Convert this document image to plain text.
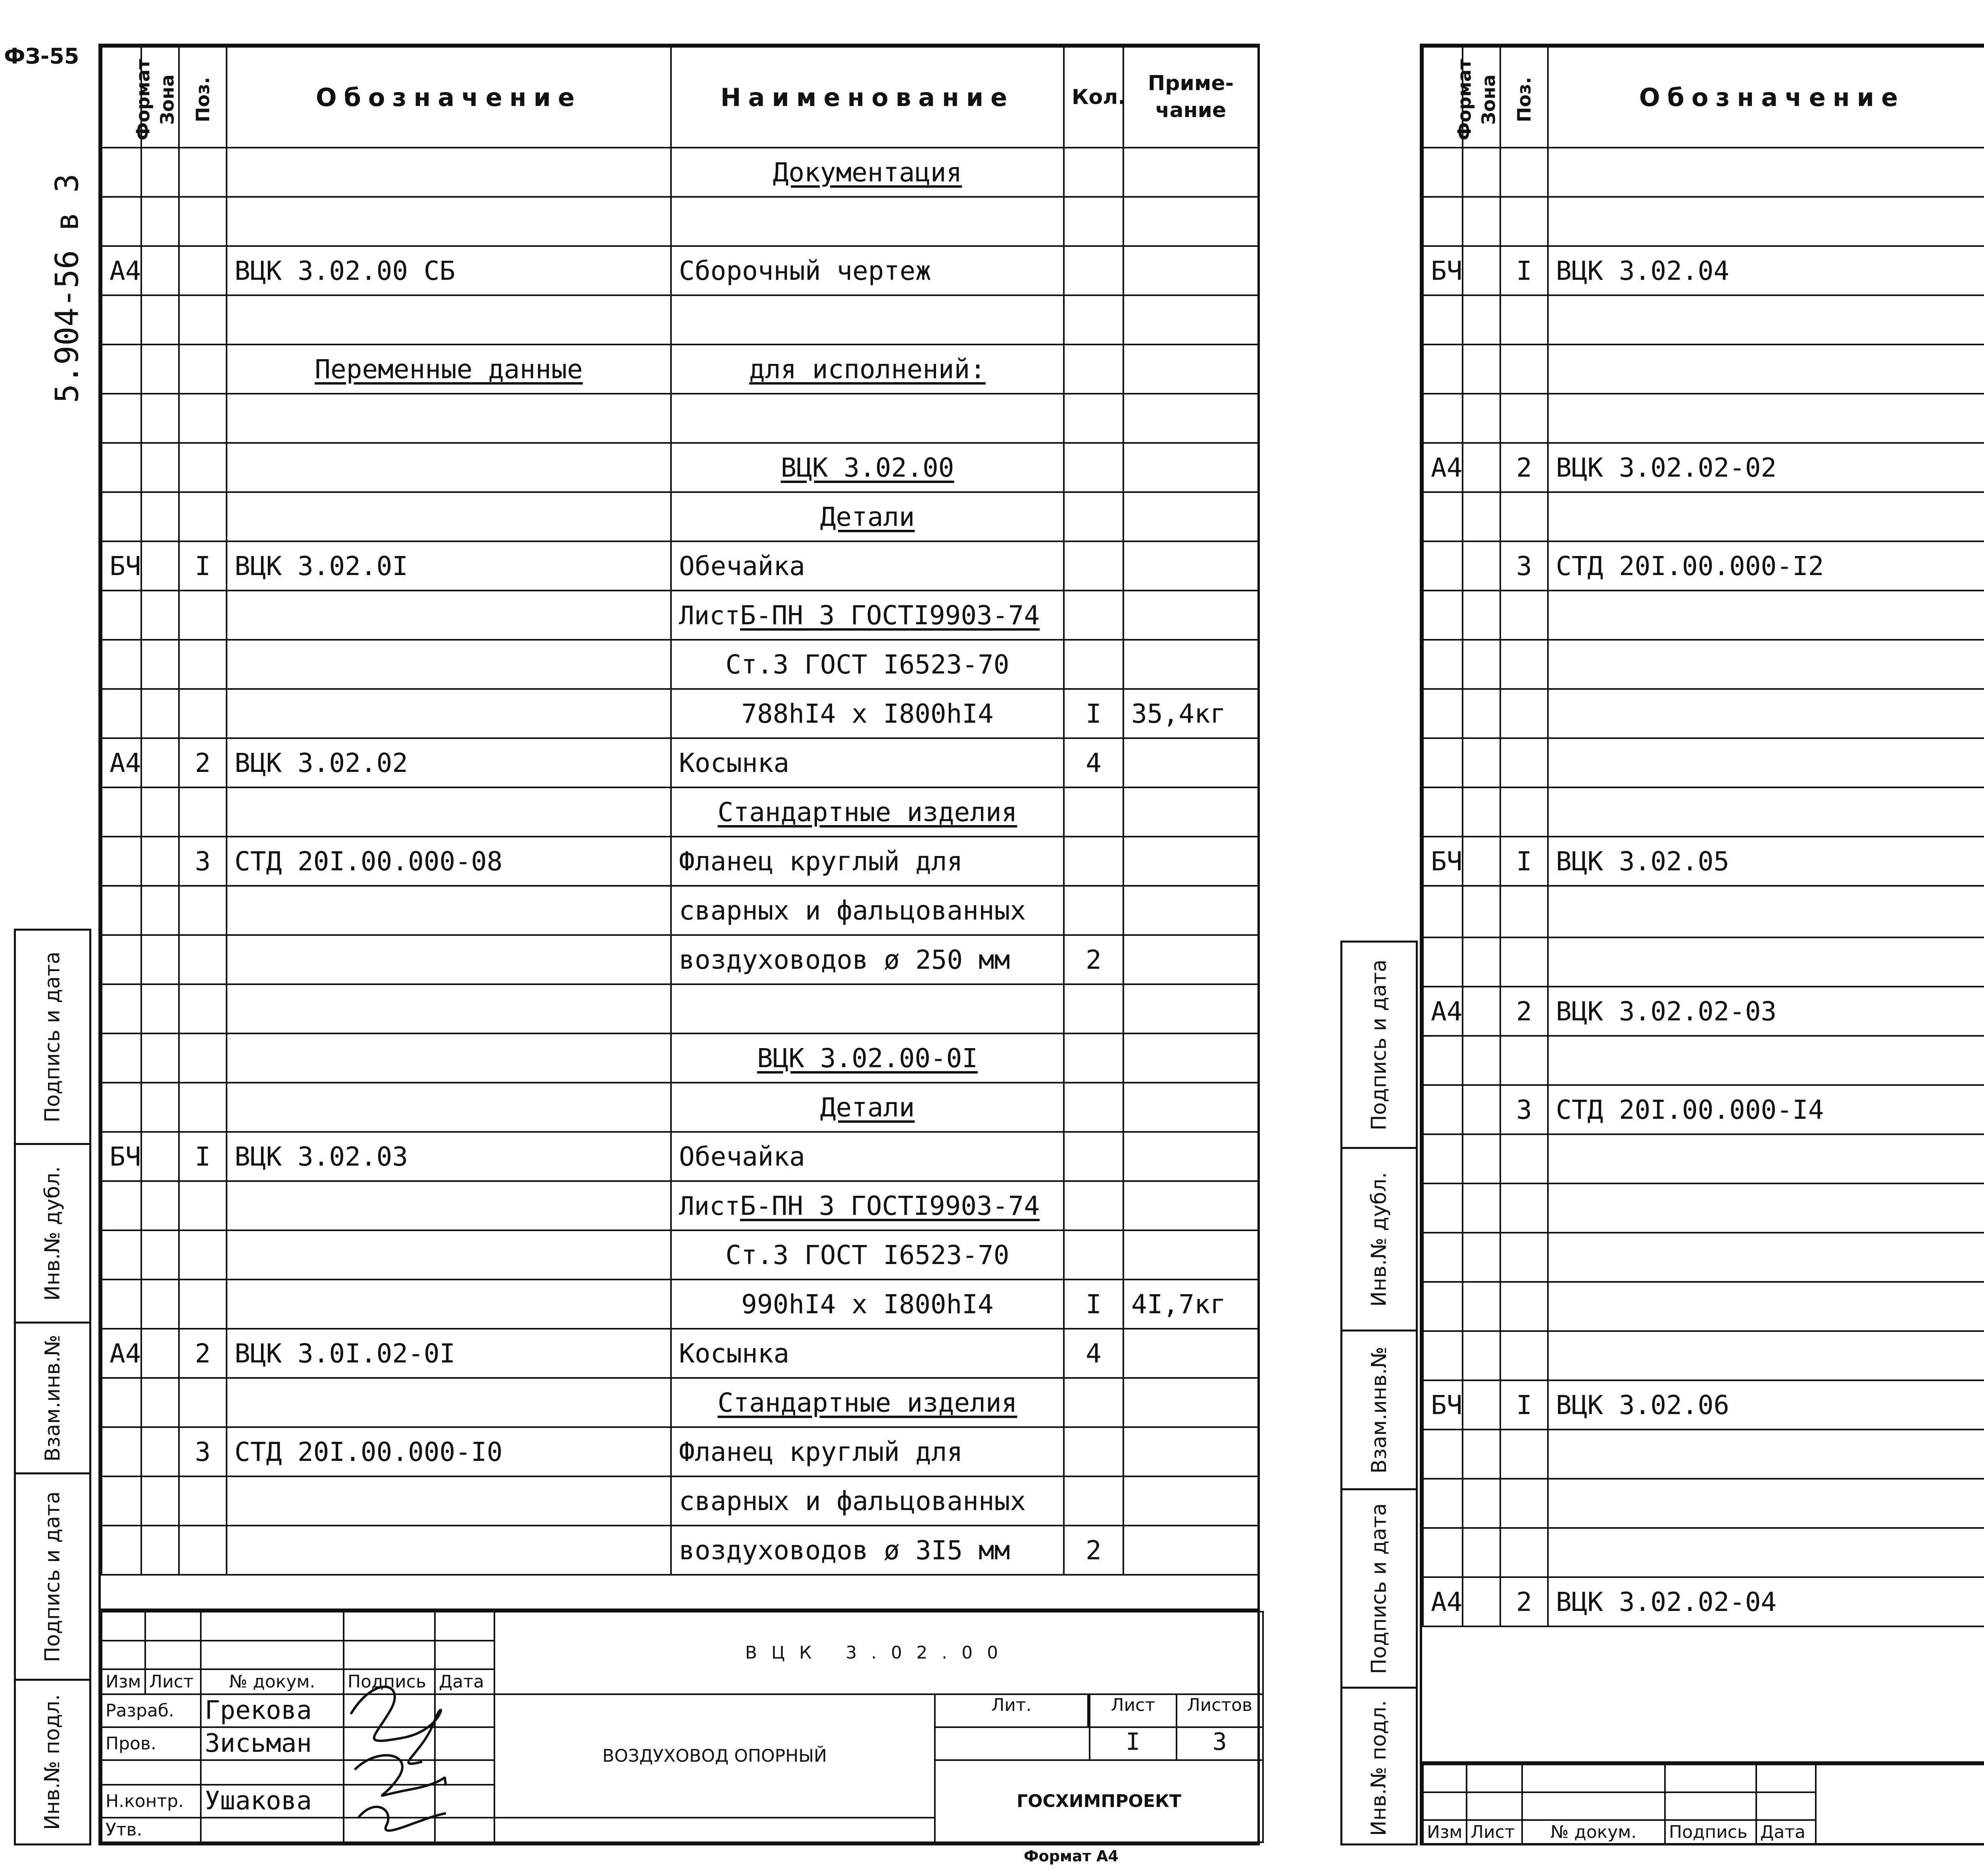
ФЗ-55
5.904-56 в 3
Формат A4
Подпись и дата
Инв.№ дубл.
Взам.инв.№
Подпись и дата
Инв.№ подл.
Подпись и дата
Инв.№ дубл.
Взам.инв.№
Подпись и дата
Инв.№ подл.
Формат	Зона	Поз.	Обозначение	Наименование	Кол.	Приме-
чание
				Документация		

A4			ВЦК 3.02.00 СБ	Сборочный чертеж		

			Переменные данные	для исполнений:		

				ВЦК 3.02.00		
				Детали		
БЧ		I	ВЦК 3.02.0I	Обечайка		
				ЛистБ-ПН 3 ГОСТI9903-74		
				Ст.3 ГОСТ I6523-70		
				788hI4 x I800hI4	I	35,4кг
A4		2	ВЦК 3.02.02	Косынка	4	
				Стандартные изделия		
		3	СТД 20I.00.000-08	Фланец круглый для		
				сварных и фальцованных		
				воздуховодов ø 250 мм	2	

				ВЦК 3.02.00-0I		
				Детали		
БЧ		I	ВЦК 3.02.03	Обечайка		
				ЛистБ-ПН 3 ГОСТI9903-74		
				Ст.3 ГОСТ I6523-70		
				990hI4 x I800hI4	I	4I,7кг
A4		2	ВЦК 3.0I.02-0I	Косынка	4	
				Стандартные изделия		
		3	СТД 20I.00.000-I0	Фланец круглый для		
				сварных и фальцованных		
				воздуховодов ø 3I5 мм	2	
					ВЦК 3.02.00		

Изм	Лист	№ докум.	Подпись	Дата			
Разраб.		Грекова			ВОЗДУХОВОД ОПОРНЫЙ	Лит.	Лист Листов

Пров.		Зисьман					I 3

						ГОСХИМПРОЕКТ	
Н.контр.		Ушакова					
Утв.							
Формат	Зона	Поз.	Обозначение			

БЧ		I	ВЦК 3.02.04			

A4		2	ВЦК 3.02.02-02			

		3	СТД 20I.00.000-I2			

БЧ		I	ВЦК 3.02.05			

A4		2	ВЦК 3.02.02-03			

		3	СТД 20I.00.000-I4			

БЧ		I	ВЦК 3.02.06			

A4		2	ВЦК 3.02.02-04			

Изм	Лист	№ докум.	Подпись	Дата		
